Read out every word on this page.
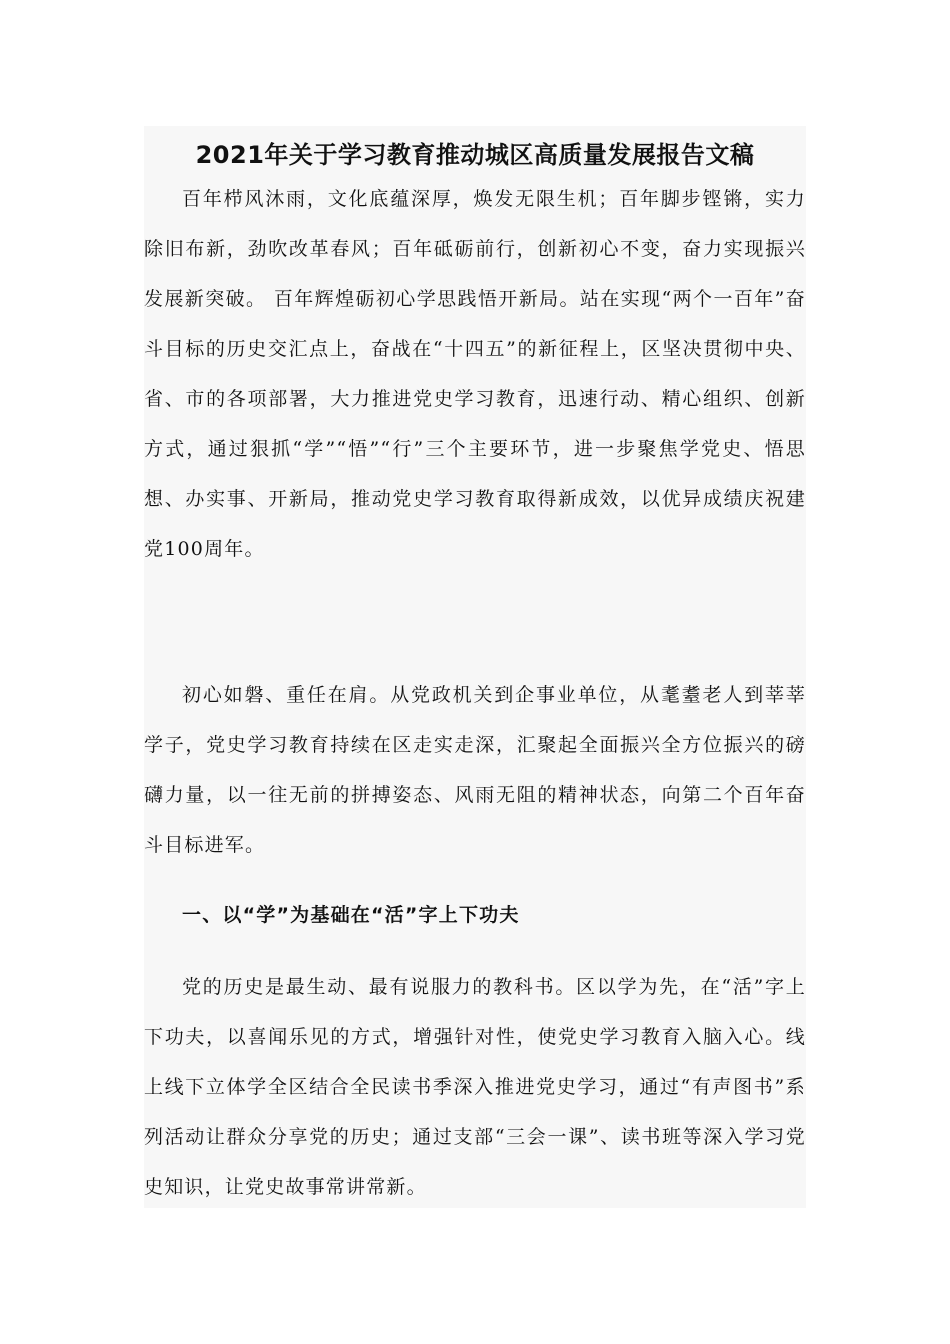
2021年关于学习教育推动城区高质量发展报告文稿

百年栉风沐雨，文化底蕴深厚，焕发无限生机；百年脚步铿锵，实力除旧布新，劲吹改革春风；百年砥砺前行，创新初心不变，奋力实现振兴发展新突破。 百年辉煌砺初心学思践悟开新局。站在实现“两个一百年”奋斗目标的历史交汇点上，奋战在“十四五”的新征程上，区坚决贯彻中央、省、市的各项部署，大力推进党史学习教育，迅速行动、精心组织、创新方式，通过狠抓“学”“悟”“行”三个主要环节，进一步聚焦学党史、悟思想、办实事、开新局，推动党史学习教育取得新成效，以优异成绩庆祝建党100周年。

初心如磐、重任在肩。从党政机关到企事业单位，从耄耋老人到莘莘学子，党史学习教育持续在区走实走深，汇聚起全面振兴全方位振兴的磅礴力量，以一往无前的拼搏姿态、风雨无阻的精神状态，向第二个百年奋斗目标进军。

一、以“学”为基础在“活”字上下功夫

党的历史是最生动、最有说服力的教科书。区以学为先，在“活”字上下功夫，以喜闻乐见的方式，增强针对性，使党史学习教育入脑入心。线上线下立体学全区结合全民读书季深入推进党史学习，通过“有声图书”系列活动让群众分享党的历史；通过支部“三会一课”、读书班等深入学习党史知识，让党史故事常讲常新。
